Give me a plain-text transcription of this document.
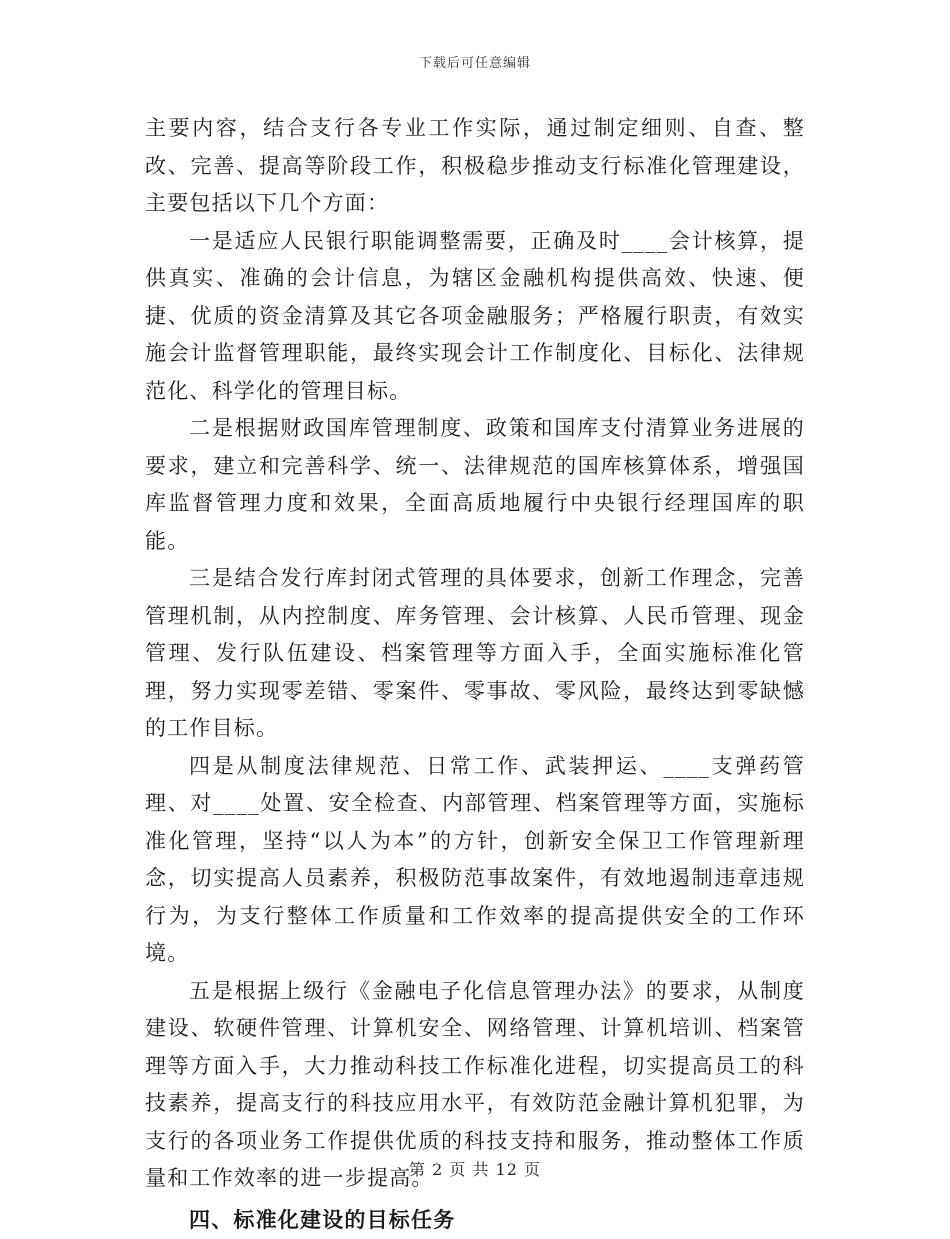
下载后可任意编辑

主要内容，结合支行各专业工作实际，通过制定细则、自查、整改、完善、提高等阶段工作，积极稳步推动支行标准化管理建设，主要包括以下几个方面：

一是适应人民银行职能调整需要，正确及时____会计核算，提供真实、准确的会计信息，为辖区金融机构提供高效、快速、便捷、优质的资金清算及其它各项金融服务；严格履行职责，有效实施会计监督管理职能，最终实现会计工作制度化、目标化、法律规范化、科学化的管理目标。

二是根据财政国库管理制度、政策和国库支付清算业务进展的要求，建立和完善科学、统一、法律规范的国库核算体系，增强国库监督管理力度和效果，全面高质地履行中央银行经理国库的职能。

三是结合发行库封闭式管理的具体要求，创新工作理念，完善管理机制，从内控制度、库务管理、会计核算、人民币管理、现金管理、发行队伍建设、档案管理等方面入手，全面实施标准化管理，努力实现零差错、零案件、零事故、零风险，最终达到零缺憾的工作目标。

四是从制度法律规范、日常工作、武装押运、____支弹药管理、对____处置、安全检查、内部管理、档案管理等方面，实施标准化管理，坚持“以人为本”的方针，创新安全保卫工作管理新理念，切实提高人员素养，积极防范事故案件，有效地遏制违章违规行为，为支行整体工作质量和工作效率的提高提供安全的工作环境。

五是根据上级行《金融电子化信息管理办法》的要求，从制度建设、软硬件管理、计算机安全、网络管理、计算机培训、档案管理等方面入手，大力推动科技工作标准化进程，切实提高员工的科技素养，提高支行的科技应用水平，有效防范金融计算机犯罪，为支行的各项业务工作提供优质的科技支持和服务，推动整体工作质量和工作效率的进一步提高。

四、标准化建设的目标任务

第 2 页 共 12 页
